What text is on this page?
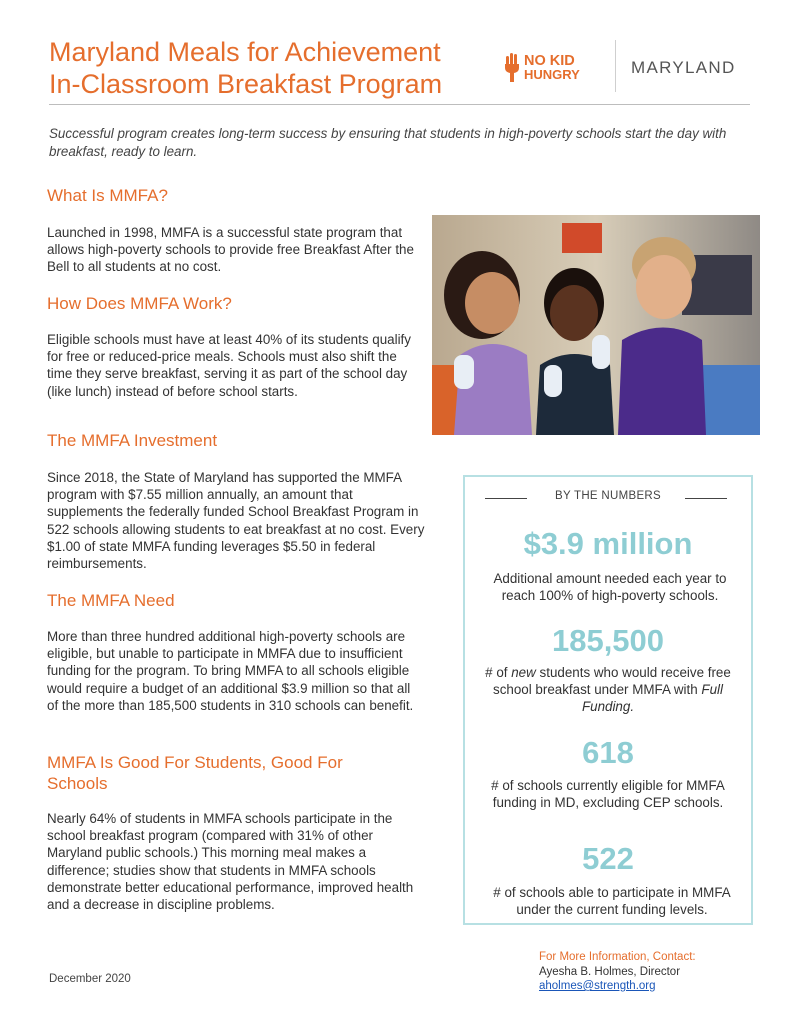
Maryland Meals for Achievement
In-Classroom Breakfast Program
NO KID
HUNGRY	MARYLAND
Successful program creates long-term success by ensuring that students in high-poverty schools start the day with breakfast, ready to learn.
What Is MMFA?
Launched in 1998, MMFA is a successful state program that allows high-poverty schools to provide free Breakfast After the Bell to all students at no cost.
How Does MMFA Work?
Eligible schools must have at least 40% of its students qualify for free or reduced-price meals. Schools must also shift the time they serve breakfast, serving it as part of the school day (like lunch) instead of before school starts.
The MMFA Investment
Since 2018, the State of Maryland has supported the MMFA program with $7.55 million annually, an amount that supplements the federally funded School Breakfast Program in 522 schools allowing students to eat breakfast at no cost. Every $1.00 of state MMFA funding leverages $5.50 in federal reimbursements.
The MMFA Need
More than three hundred additional high-poverty schools are eligible, but unable to participate in MMFA due to insufficient funding for the program. To bring MMFA to all schools eligible would require a budget of an additional $3.9 million so that all of the more than 185,500 students in 310 schools can benefit.
MMFA Is Good For Students, Good For Schools
Nearly 64% of students in MMFA schools participate in the school breakfast program (compared with 31% of other Maryland public schools.) This morning meal makes a difference; studies show that students in MMFA schools demonstrate better educational performance, improved health and a decrease in discipline problems.
BY THE NUMBERS
$3.9 million
Additional amount needed each year to reach 100% of high-poverty schools.
185,500
# of new students who would receive free school breakfast under MMFA with Full Funding.
618
# of schools currently eligible for MMFA funding in MD, excluding CEP schools.
522
# of schools able to participate in MMFA under the current funding levels.
December 2020
For More Information, Contact:
Ayesha B. Holmes, Director
aholmes@strength.org
